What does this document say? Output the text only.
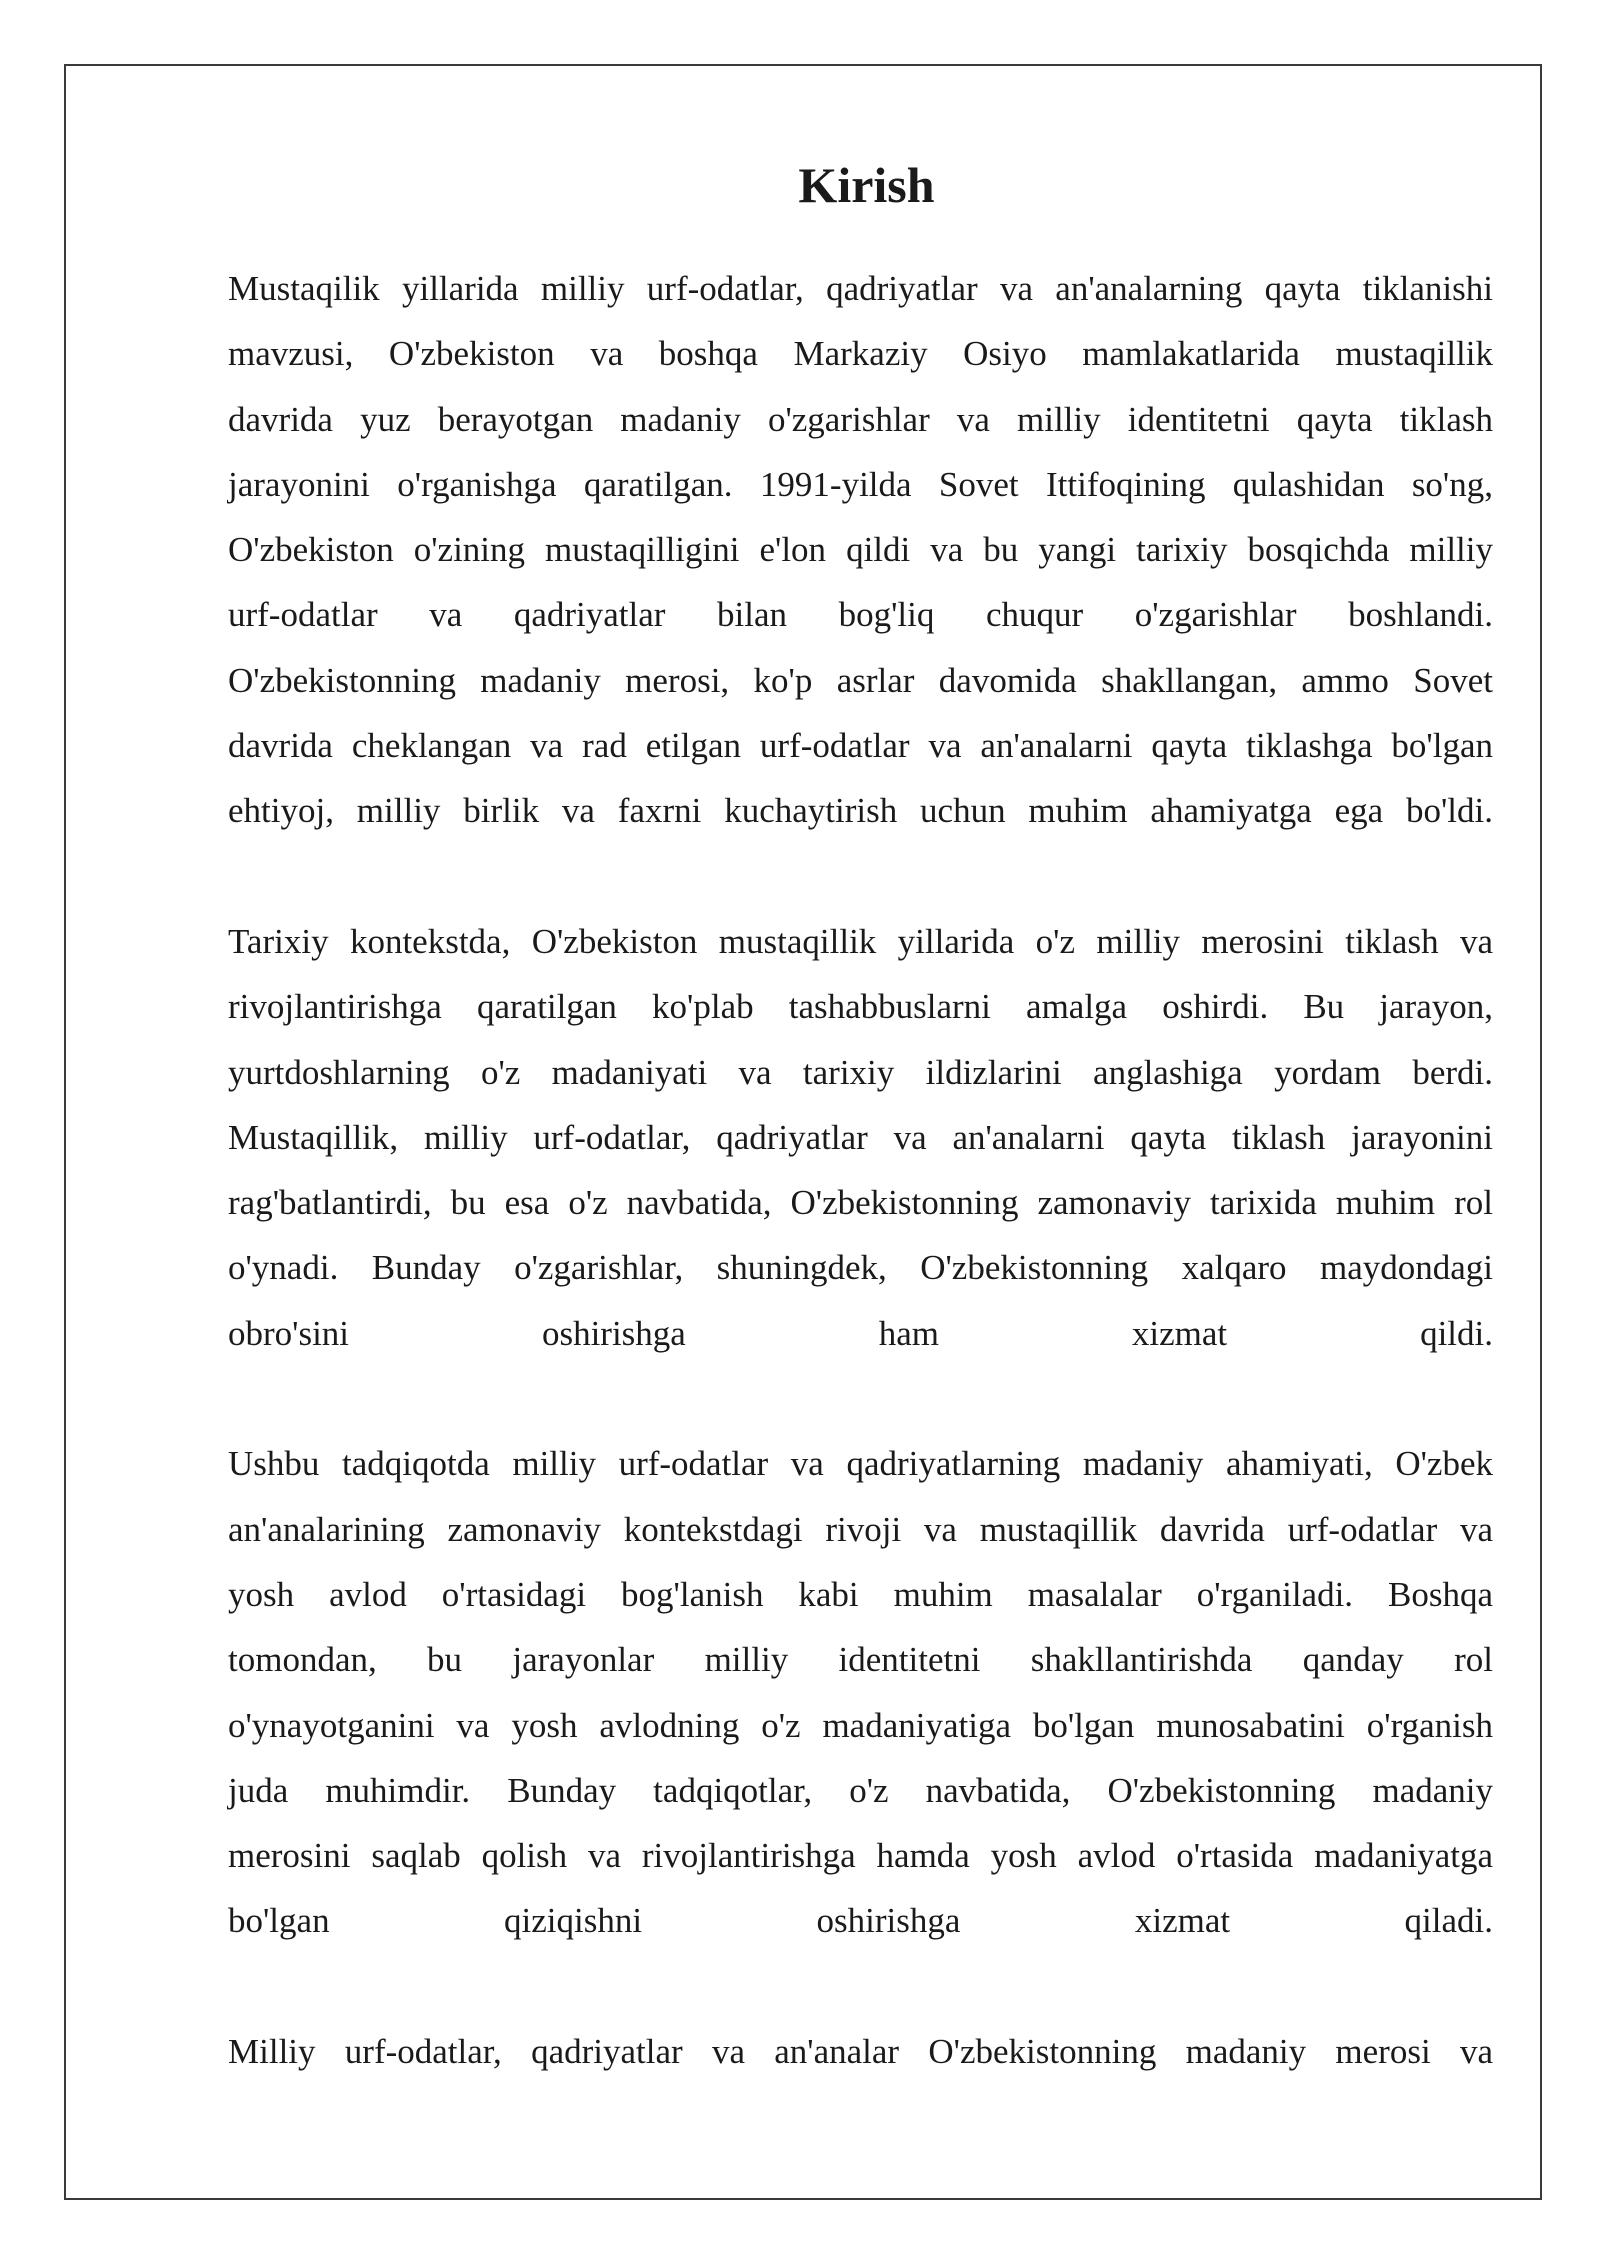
Kirish
Mustaqilik yillarida milliy urf-odatlar, qadriyatlar va an'analarning qayta tiklanishi
mavzusi, O'zbekiston va boshqa Markaziy Osiyo mamlakatlarida mustaqillik
davrida yuz berayotgan madaniy o'zgarishlar va milliy identitetni qayta tiklash
jarayonini o'rganishga qaratilgan. 1991-yilda Sovet Ittifoqining qulashidan so'ng,
O'zbekiston o'zining mustaqilligini e'lon qildi va bu yangi tarixiy bosqichda milliy
urf-odatlar va qadriyatlar bilan bog'liq chuqur o'zgarishlar boshlandi.
O'zbekistonning madaniy merosi, ko'p asrlar davomida shakllangan, ammo Sovet
davrida cheklangan va rad etilgan urf-odatlar va an'analarni qayta tiklashga bo'lgan
ehtiyoj, milliy birlik va faxrni kuchaytirish uchun muhim ahamiyatga ega bo'ldi.
Tarixiy kontekstda, O'zbekiston mustaqillik yillarida o'z milliy merosini tiklash va
rivojlantirishga qaratilgan ko'plab tashabbuslarni amalga oshirdi. Bu jarayon,
yurtdoshlarning o'z madaniyati va tarixiy ildizlarini anglashiga yordam berdi.
Mustaqillik, milliy urf-odatlar, qadriyatlar va an'analarni qayta tiklash jarayonini
rag'batlantirdi, bu esa o'z navbatida, O'zbekistonning zamonaviy tarixida muhim rol
o'ynadi. Bunday o'zgarishlar, shuningdek, O'zbekistonning xalqaro maydondagi
obro'sini oshirishga ham xizmat qildi.
Ushbu tadqiqotda milliy urf-odatlar va qadriyatlarning madaniy ahamiyati, O'zbek
an'analarining zamonaviy kontekstdagi rivoji va mustaqillik davrida urf-odatlar va
yosh avlod o'rtasidagi bog'lanish kabi muhim masalalar o'rganiladi. Boshqa
tomondan, bu jarayonlar milliy identitetni shakllantirishda qanday rol
o'ynayotganini va yosh avlodning o'z madaniyatiga bo'lgan munosabatini o'rganish
juda muhimdir. Bunday tadqiqotlar, o'z navbatida, O'zbekistonning madaniy
merosini saqlab qolish va rivojlantirishga hamda yosh avlod o'rtasida madaniyatga
bo'lgan qiziqishni oshirishga xizmat qiladi.
Milliy urf-odatlar, qadriyatlar va an'analar O'zbekistonning madaniy merosi va
